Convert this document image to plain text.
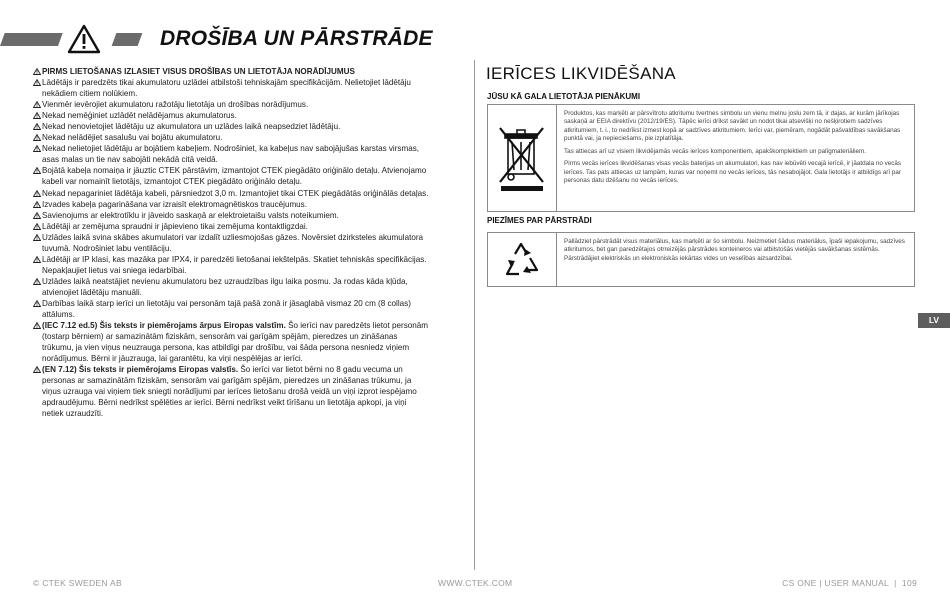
DROŠĪBA UN PĀRSTRĀDE
PIRMS LIETOŠANAS IZLASIET VISUS DROŠĪBAS UN LIETOTĀJA NORĀDĪJUMUS
Lādētājs ir paredzēts tikai akumulatoru uzlādei atbilstoši tehniskajām specifikācijām. Nelietojiet lādētāju nekādiem citiem nolūkiem.
Vienmēr ievērojiet akumulatoru ražotāju lietotāja un drošības norādījumus.
Nekad nemēģiniet uzlādēt nelādējamus akumulatorus.
Nekad nenovietojiet lādētāju uz akumulatora un uzlādes laikā neapsedziet lādētāju.
Nekad nelādējiet sasalušu vai bojātu akumulatoru.
Nekad nelietojiet lādētāju ar bojātiem kabeļiem. Nodrošiniet, ka kabeļus nav sabojājušas karstas virsmas, asas malas un tie nav sabojāti nekādā citā veidā.
Bojātā kabeļa nomaiņa ir jāuztic CTEK pārstāvim, izmantojot CTEK piegādāto oriģinālo detaļu. Atvienojamo kabeli var nomainīt lietotājs, izmantojot CTEK piegādāto oriģinālo detaļu.
Nekad nepagariniet lādētāja kabeli, pārsniedzot 3,0 m. Izmantojiet tikai CTEK piegādātās oriģinālās detaļas.
Izvades kabeļa pagarināšana var izraisīt elektromagnētiskos traucējumus.
Savienojums ar elektrotīklu ir jāveido saskaņā ar elektroietaišu valsts noteikumiem.
Lādētāji ar zemējuma spraudni ir jāpievieno tikai zemējuma kontaktligzdai.
Uzlādes laikā svina skābes akumulatori var izdalīt uzliesmojošas gāzes. Novērsiet dzirksteles akumulatora tuvumā. Nodrošiniet labu ventilāciju.
Lādētāji ar IP klasi, kas mazāka par IPX4, ir paredzēti lietošanai iekštelpās. Skatiet tehniskās specifikācijas. Nepakļaujiet lietus vai sniega iedarbībai.
Uzlādes laikā neatstājiet nevienu akumulatoru bez uzraudzības ilgu laika posmu. Ja rodas kāda kļūda, atvienojiet lādētāju manuāli.
Darbības laikā starp ierīci un lietotāju vai personām tajā pašā zonā ir jāsaglabā vismaz 20 cm (8 collas) attālums.
(IEC 7.12 ed.5) Šis teksts ir piemērojams ārpus Eiropas valstīm. Šo ierīci nav paredzēts lietot personām (tostarp bērniem) ar samazinātām fiziskām, sensorām vai garīgām spējām, pieredzes un zināšanas trūkumu, ja vien viņus neuzrauga persona, kas atbildīgi par drošību, vai šāda persona nesniedz viņiem norādījumus. Bērni ir jāuzrauga, lai garantētu, ka viņi nespēlējas ar ierīci.
(EN 7.12) Šis teksts ir piemērojams Eiropas valstīs. Šo ierīci var lietot bērni no 8 gadu vecuma un personas ar samazinātām fiziskām, sensorām vai garīgām spējām, pieredzes un zināšanas trūkumu, ja viņus uzrauga vai viņiem tiek sniegti norādījumi par ierīces lietošanu drošā veidā un viņi izprot iespējamo apdraudējumu. Bērni nedrīkst spēlēties ar ierīci. Bērni nedrīkst veikt tīrīšanu un lietotāja apkopi, ja viņi netiek uzraudzīti.
IERĪCES LIKVIDĒŠANA
JŪSU KĀ GALA LIETOTĀJA PIENĀKUMI

Produktos, kas marķēti ar pārsvītrotu atkritumu tvertnes simbolu un vienu melnu joslu zem tā, ir dajas, ar kurām jārīkojas saskaņā ar EEIA direktīvu (2012/19/ES). Tāpēc ierīci drīkst savākt un nodot tikai atsevišķi no nešķirotiem sadzīves atkritumiem, t. i., to nedrīkst izmest kopā ar sadzīves atkritumiem. Ierīci var, piemēram, nogādāt pašvaldības savākšanas punktā vai, ja nepieciešams, pie izplatītāja.

Tas attiecas arī uz visiem likvidējamās vecās ierīces komponentiem, apakškomplektiem un palīgmateriāliem.

Pirms vecās ierīces likvidēšanas visas vecās baterijas un akumulatori, kas nav iebūvēti vecajā ierīcē, ir jāatdala no vecās ierīces. Tas pats attiecas uz lampām, kuras var noņemt no vecās ierīces, tās nesabojājot. Gala lietotājs ir atbildīgs arī par personas datu dzēšanu no vecās ierīces.

PIEZĪMES PAR PĀRSTRĀDI

Pallādziet pārstrādāt visus materiālus, kas marķēti ar šo simbolu. Neizmetiet šādus materiālus, īpaši iepakojumu, sadzīves atkritumos, bet gan paredzētajos otrreizējās pārstrādes konteineros vai atbilstošās vietējās savākšanas sistēmās.
Pārstrādājiet elektriskās un elektroniskās iekārtas vides un veselības aizsardzībai.

LV
© CTEK SWEDEN AB	WWW.CTEK.COM	CS ONE | USER MANUAL  |  109
